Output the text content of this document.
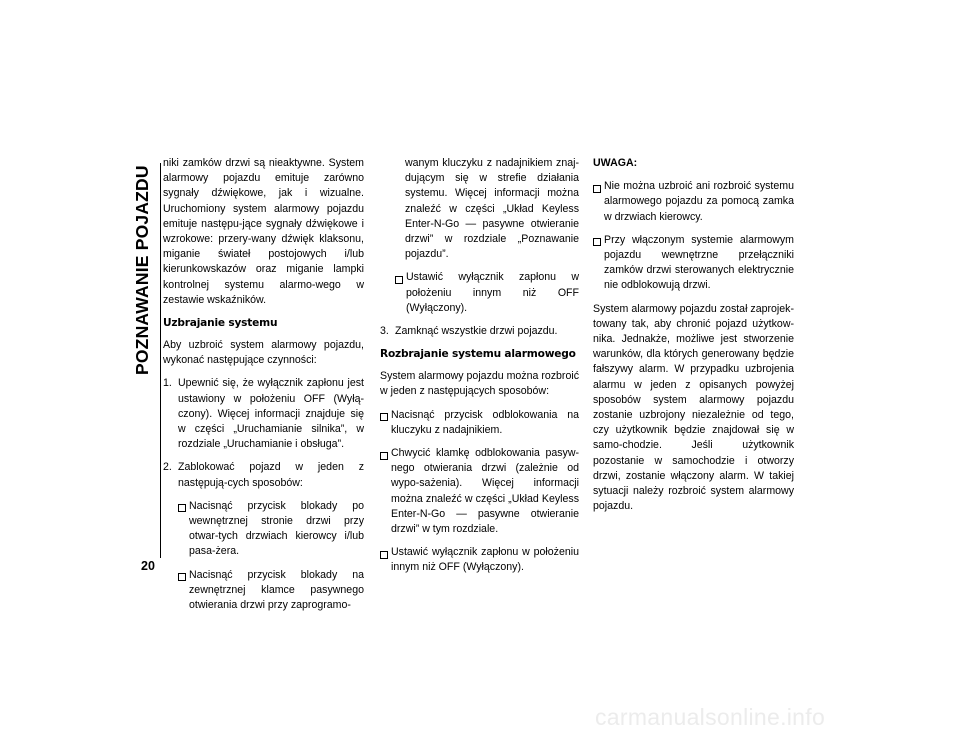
POZNAWANIE POJAZDU
20

niki zamków drzwi są nieaktywne. System alarmowy pojazdu emituje zarówno sygnały dźwiękowe, jak i wizualne. Uruchomiony system alarmowy pojazdu emituje następu-jące sygnały dźwiękowe i wzrokowe: przery-wany dźwięk klaksonu, miganie świateł postojowych i/lub kierunkowskazów oraz miganie lampki kontrolnej systemu alarmo-wego w zestawie wskaźników.

Uzbrajanie systemu

Aby uzbroić system alarmowy pojazdu, wykonać następujące czynności:

1. Upewnić się, że wyłącznik zapłonu jest ustawiony w położeniu OFF (Wyłą-czony). Więcej informacji znajduje się w części „Uruchamianie silnika”, w rozdziale „Uruchamianie i obsługa”.
2. Zablokować pojazd w jeden z następują-cych sposobów:
Nacisnąć przycisk blokady po wewnętrznej stronie drzwi przy otwar-tych drzwiach kierowcy i/lub pasa-żera.
Nacisnąć przycisk blokady na zewnętrznej klamce pasywnego otwierania drzwi przy zaprogramo-

wanym kluczyku z nadajnikiem znaj-dującym się w strefie działania systemu. Więcej informacji można znaleźć w części „Układ Keyless Enter-N-Go — pasywne otwieranie drzwi” w rozdziale „Poznawanie pojazdu”.

Ustawić wyłącznik zapłonu w położeniu innym niż OFF (Wyłączony).
3. Zamknąć wszystkie drzwi pojazdu.
Rozbrajanie systemu alarmowego

System alarmowy pojazdu można rozbroić w jeden z następujących sposobów:

Nacisnąć przycisk odblokowania na kluczyku z nadajnikiem.
Chwycić klamkę odblokowania pasyw-nego otwierania drzwi (zależnie od wypo-sażenia). Więcej informacji można znaleźć w części „Układ Keyless Enter-N-Go — pasywne otwieranie drzwi” w tym rozdziale.
Ustawić wyłącznik zapłonu w położeniu innym niż OFF (Wyłączony).
UWAGA:
Nie można uzbroić ani rozbroić systemu alarmowego pojazdu za pomocą zamka w drzwiach kierowcy.
Przy włączonym systemie alarmowym pojazdu wewnętrzne przełączniki zamków drzwi sterowanych elektrycznie nie odblokowują drzwi.

System alarmowy pojazdu został zaprojek-towany tak, aby chronić pojazd użytkow-nika. Jednakże, możliwe jest stworzenie warunków, dla których generowany będzie fałszywy alarm. W przypadku uzbrojenia alarmu w jeden z opisanych powyżej sposobów system alarmowy pojazdu zostanie uzbrojony niezależnie od tego, czy użytkownik będzie znajdował się w samo-chodzie. Jeśli użytkownik pozostanie w samochodzie i otworzy drzwi, zostanie włączony alarm. W takiej sytuacji należy rozbroić system alarmowy pojazdu.

carmanualsonline.info
